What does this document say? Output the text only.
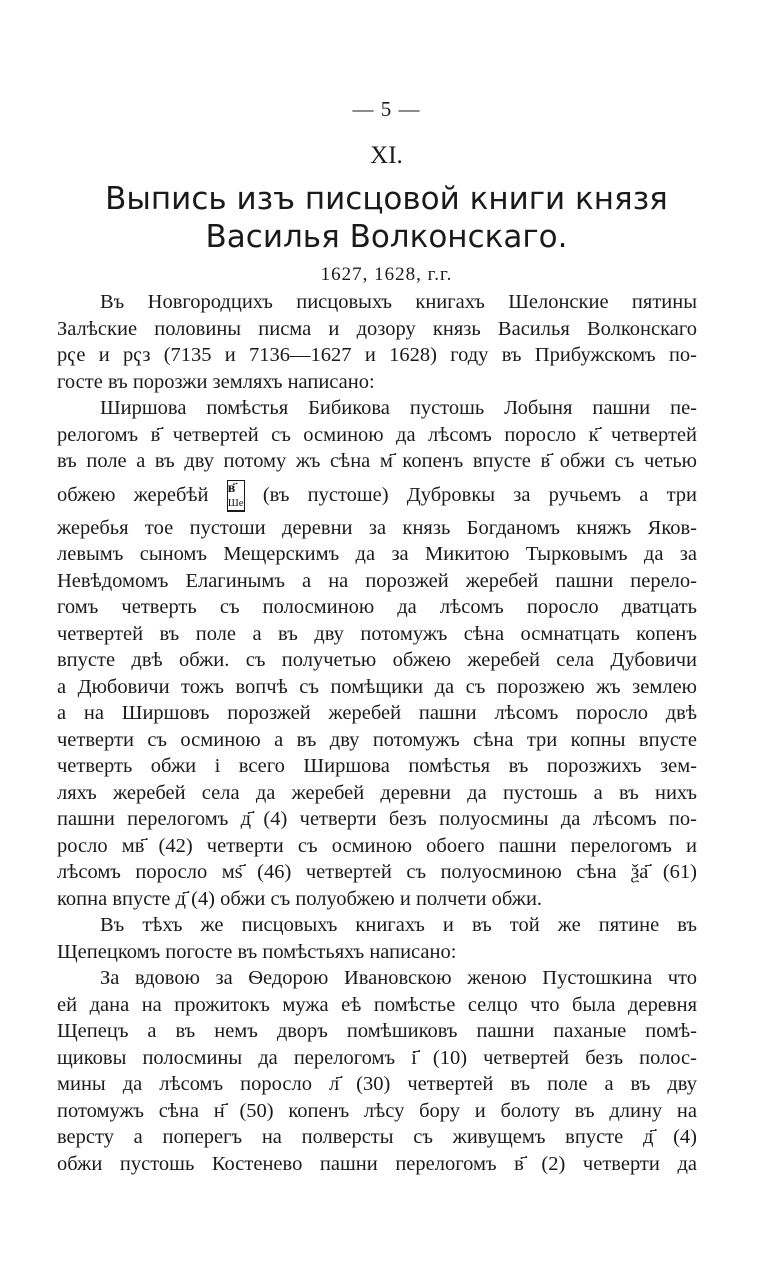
— 5 —
XI.
Выпись изъ писцовой книги князя Василья Волконскаго.
1627, 1628, г.г.

Въ Новгородцихъ писцовыхъ книгахъ Шелонские пятины
Залѣские половины писма и дозору князь Василья Волконскаго
рҁе и рҁз (7135 и 7136—1627 и 1628) году въ Прибужскомъ по-
госте въ порозжи земляхъ написано:

Ширшова помѣстья Бибикова пустошь Лобыня пашни пе-
релогомъ в҃ четвертей съ осминою да лѣсомъ поросло к҃ четвертей
въ поле а въ дву потому жъ сѣна м҃ копенъ впусте в҃ обжи съ четью
обжею жеребѣй в҃
Ше (въ пустоше) Дубровкы за ручьемъ а три
жеребья тое пустоши деревни за князь Богданомъ княжъ Яков-
левымъ сыномъ Мещерскимъ да за Микитою Тырковымъ да за
Невѣдомомъ Елагинымъ а на порозжей жеребей пашни перело-
гомъ четверть съ полосминою да лѣсомъ поросло дватцать
четвертей въ поле а въ дву потомужъ сѣна осмнатцать копенъ
впусте двѣ обжи. съ получетью обжею жеребей села Дубовичи
а Дюбовичи тожъ вопчѣ съ помѣщики да съ порозжею жъ землею
а на Ширшовъ порозжей жеребей пашни лѣсомъ поросло двѣ
четверти съ осминою а въ дву потомужъ сѣна три копны впусте
четверть обжи і всего Ширшова помѣстья въ порозжихъ зем-
ляхъ жеребей села да жеребей деревни да пустошь а въ нихъ
пашни перелогомъ д҃ (4) четверти безъ полуосмины да лѣсомъ по-
росло мв҃ (42) четверти съ осминою обоего пашни перелогомъ и
лѣсомъ поросло мѕ҃ (46) четвертей съ полуосминою сѣна ѯа҃ (61)
копна впусте д҃ (4) обжи съ полуобжею и полчети обжи.

Въ тѣхъ же писцовыхъ книгахъ и въ той же пятине въ
Щепецкомъ погосте въ помѣстьяхъ написано:

За вдовою за Ѳедорою Ивановскою женою Пустошкина что
ей дана на прожитокъ мужа еѣ помѣстье селцо что была деревня
Щепецъ а въ немъ дворъ помѣшиковъ пашни паханые помѣ-
щиковы полосмины да перелогомъ і҃ (10) четвертей безъ полос-
мины да лѣсомъ поросло л҃ (30) четвертей въ поле а въ дву
потомужъ сѣна н҃ (50) копенъ лѣсу бору и болоту въ длину на
версту а поперегъ на полверсты съ живущемъ впусте д҃ (4)
обжи пустошь Костенево пашни перелогомъ в҃ (2) четверти да
